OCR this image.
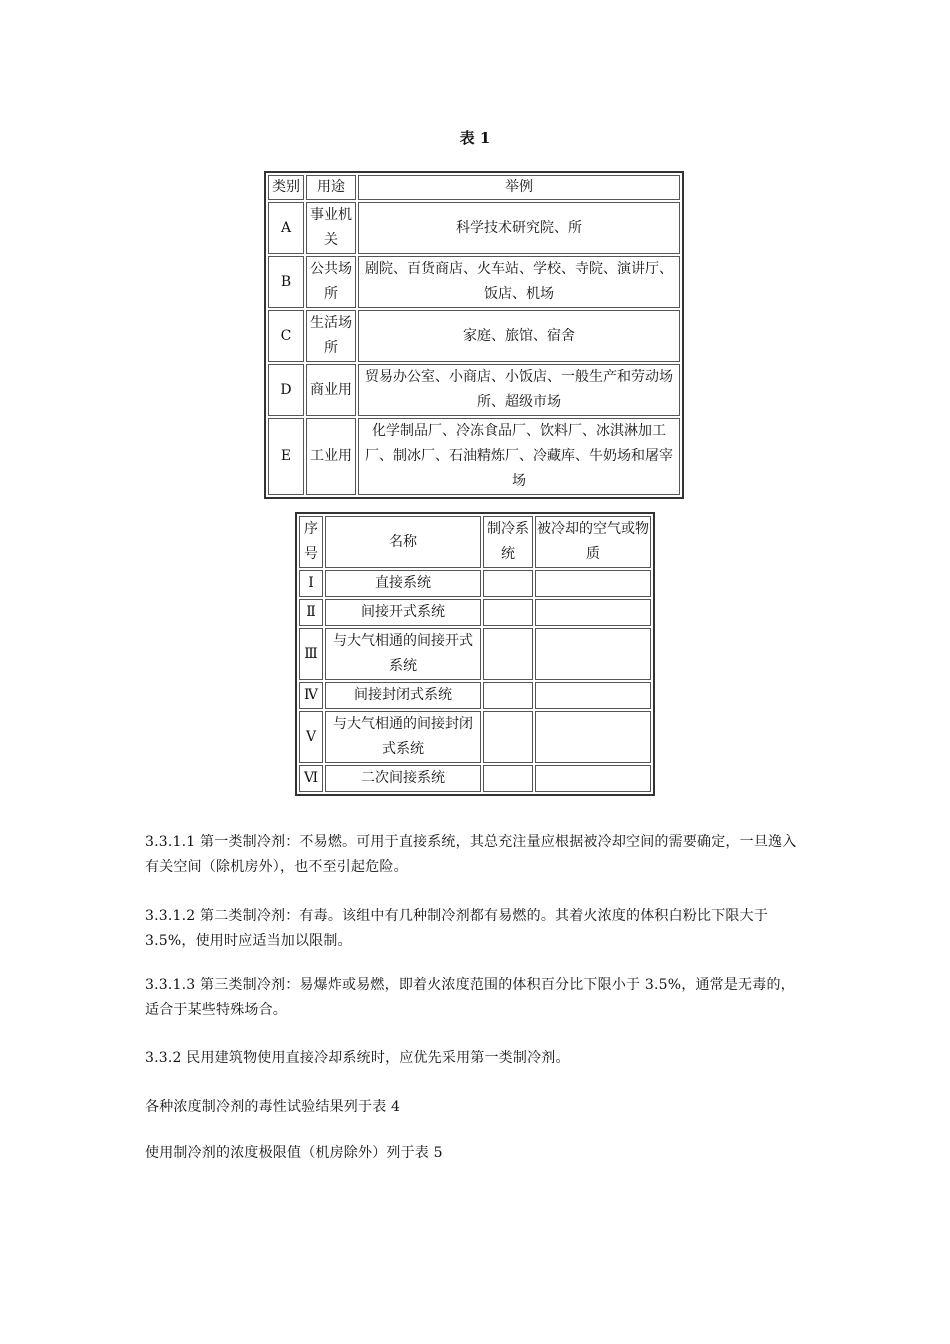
表 1

类别	用途	举例
A	事业机关	科学技术研究院、所
B	公共场所	剧院、百货商店、火车站、学校、寺院、演讲厅、饭店、机场
C	生活场所	家庭、旅馆、宿舍
D	商业用	贸易办公室、小商店、小饭店、一般生产和劳动场所、超级市场
E	工业用	化学制品厂、冷冻食品厂、饮料厂、冰淇淋加工厂、制冰厂、石油精炼厂、冷藏库、牛奶场和屠宰场
序号	名称	制冷系统	被冷却的空气或物质
Ⅰ	直接系统		
Ⅱ	间接开式系统		
Ⅲ	与大气相通的间接开式系统		
Ⅳ	间接封闭式系统		
Ⅴ	与大气相通的间接封闭式系统		
Ⅵ	二次间接系统		

3.3.1.1 第一类制冷剂：不易燃。可用于直接系统，其总充注量应根据被冷却空间的需要确定，一旦逸入有关空间（除机房外），也不至引起危险。

3.3.1.2 第二类制冷剂：有毒。该组中有几种制冷剂都有易燃的。其着火浓度的体积白粉比下限大于 3.5%，使用时应适当加以限制。

3.3.1.3 第三类制冷剂：易爆炸或易燃，即着火浓度范围的体积百分比下限小于 3.5%，通常是无毒的，适合于某些特殊场合。

3.3.2 民用建筑物使用直接冷却系统时，应优先采用第一类制冷剂。

各种浓度制冷剂的毒性试验结果列于表 4

使用制冷剂的浓度极限值（机房除外）列于表 5
